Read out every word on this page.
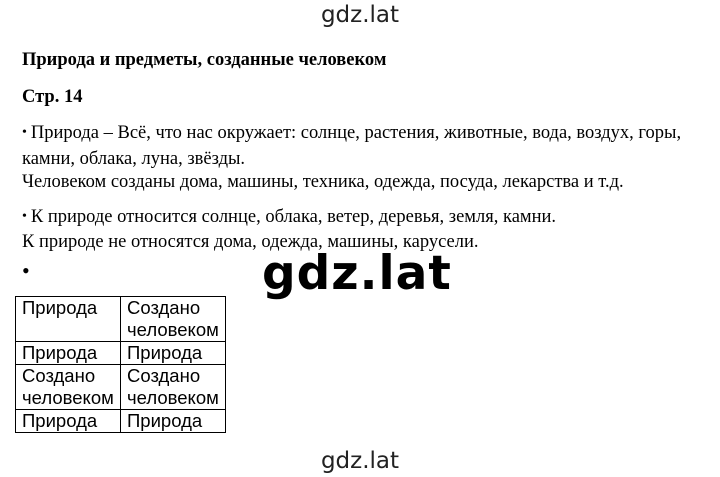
gdz.lat
Природа и предметы, созданные человеком
Стр. 14
• Природа – Всё, что нас окружает: солнце, растения, животные, вода, воздух, горы,
камни, облака, луна, звёзды.
Человеком созданы дома, машины, техника, одежда, посуда, лекарства и т.д.
• К природе относится солнце, облака, ветер, деревья, земля, камни.
К природе не относятся дома, одежда, машины, карусели.
•	gdz.lat
Природа	Создано человеком
Природа	Природа
Создано человеком	Создано человеком
Природа	Природа
gdz.lat
